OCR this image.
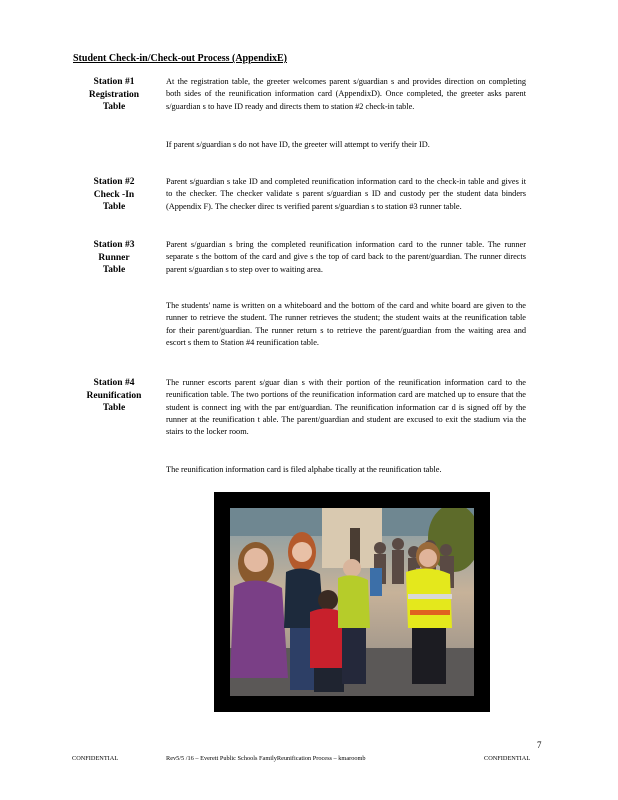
Student Check-in/Check-out Process (AppendixE)
Station #1
Registration
Table

At the registration table, the greeter welcomes parent s/guardian s and provides direction on completing both sides of the reunification information card (AppendixD). Once completed, the greeter asks parent s/guardian s to have ID ready and directs them to station #2 check-in table.

If parent s/guardian s do not have ID, the greeter will attempt to verify their ID.

Station #2
Check -In
Table

Parent s/guardian s take ID and completed reunification information card to the check-in table and gives it to the checker. The checker validate s parent s/guardian s ID and custody per the student data binders (Appendix F). The checker direc ts verified parent s/guardian s to station #3 runner table.

Station #3
Runner
Table

Parent s/guardian s bring the completed reunification information card to the runner table. The runner separate s the bottom of the card and give s the top of card back to the parent/guardian. The runner directs parent s/guardian s to step over to waiting area.

The students' name is written on a whiteboard and the bottom of the card and white board are given to the runner to retrieve the student. The runner retrieves the student; the student waits at the reunification table for their parent/guardian. The runner return s to retrieve the parent/guardian from the waiting area and escort s them to Station #4 reunification table.

Station #4
Reunification
Table

The runner escorts parent s/guar dian s with their portion of the reunification information card to the reunification table. The two portions of the reunification information card are matched up to ensure that the student is connect ing with the par ent/guardian. The reunification information car d is signed off by the runner at the reunification t able. The parent/guardian and student are excused to exit the stadium via the stairs to the locker room.

The reunification information card is filed alphabe tically at the reunification table.

7
CONFIDENTIAL	Rev5/5 /16 – Everett Public Schools FamilyReunification Process – kmaroomb	CONFIDENTIAL
